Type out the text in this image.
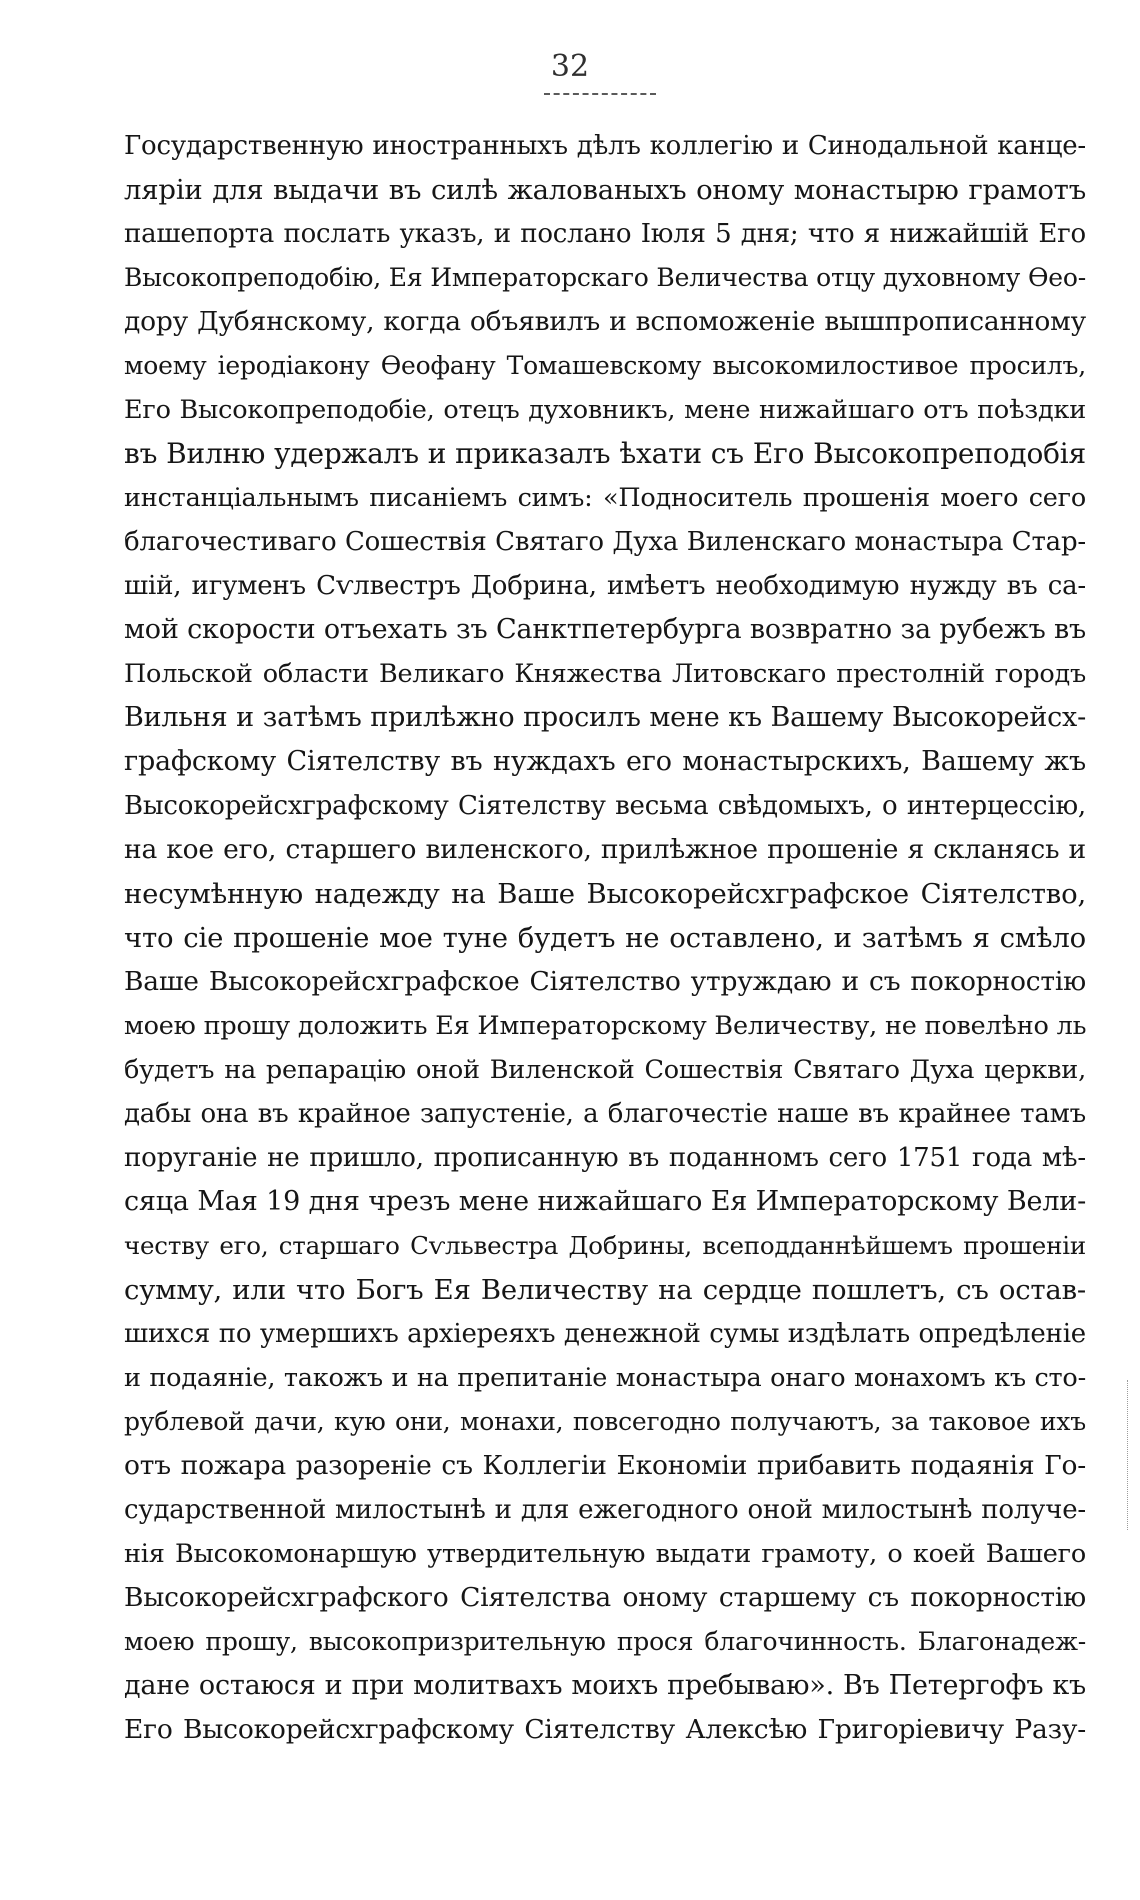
32
Государственную иностранныхъ дѣлъ коллегію и Синодальной канце-
ляріи для выдачи въ силѣ жалованыхъ оному монастырю грамотъ
пашепорта послать указъ, и послано Іюля 5 дня; что я нижайшій Его
Высокопреподобію, Ея Императорскаго Величества отцу духовному Ѳео-
дору Дубянскому, когда объявилъ и вспоможеніе вышпрописанному
моему іеродіакону Ѳеофану Томашевскому высокомилостивое просилъ,
Его Высокопреподобіе, отецъ духовникъ, мене нижайшаго отъ поѣздки
въ Вилню удержалъ и приказалъ ѣхати съ Его Высокопреподобія
инстанціальнымъ писаніемъ симъ: «Подноситель прошенія моего сего
благочестиваго Сошествія Святаго Духа Виленскаго монастыра Стар-
шій, игуменъ Сѵлвестръ Добрина, имѣетъ необходимую нужду въ са-
мой скорости отъехать зъ Санктпетербурга возвратно за рубежъ въ
Польской области Великаго Княжества Литовскаго престолній городъ
Вильня и затѣмъ прилѣжно просилъ мене къ Вашему Высокорейсх-
графскому Сіятелству въ нуждахъ его монастырскихъ, Вашему жъ
Высокорейсхграфскому Сіятелству весьма свѣдомыхъ, о интерцессію,
на кое его, старшего виленского, прилѣжное прошеніе я скланясь и
несумѣнную надежду на Ваше Высокорейсхграфское Сіятелство,
что сіе прошеніе мое туне будетъ не оставлено, и затѣмъ я смѣло
Ваше Высокорейсхграфское Сіятелство утруждаю и съ покорностію
моею прошу доложить Ея Императорскому Величеству, не повелѣно ль
будетъ на репарацію оной Виленской Сошествія Святаго Духа церкви,
дабы она въ крайное запустеніе, а благочестіе наше въ крайнее тамъ
поруганіе не пришло, прописанную въ поданномъ сего 1751 года мѣ-
сяца Мая 19 дня чрезъ мене нижайшаго Ея Императорскому Вели-
честву его, старшаго Сѵльвестра Добрины, всеподданнѣйшемъ прошеніи
сумму, или что Богъ Ея Величеству на сердце пошлетъ, съ остав-
шихся по умершихъ архіереяхъ денежной сумы издѣлать опредѣленіе
и подаяніе, такожъ и на препитаніе монастыра онаго монахомъ къ сто-
рублевой дачи, кую они, монахи, повсегодно получаютъ, за таковое ихъ
отъ пожара разореніе съ Коллегіи Економіи прибавить подаянія Го-
сударственной милостынѣ и для ежегодного оной милостынѣ получе-
нія Высокомонаршую утвердительную выдати грамоту, о коей Вашего
Высокорейсхграфского Сіятелства оному старшему съ покорностію
моею прошу, высокопризрительную прося благочинность. Благонадеж-
дане остаюся и при молитвахъ моихъ пребываю». Въ Петергофъ къ
Его Высокорейсхграфскому Сіятелству Алексѣю Григоріевичу Разу-
